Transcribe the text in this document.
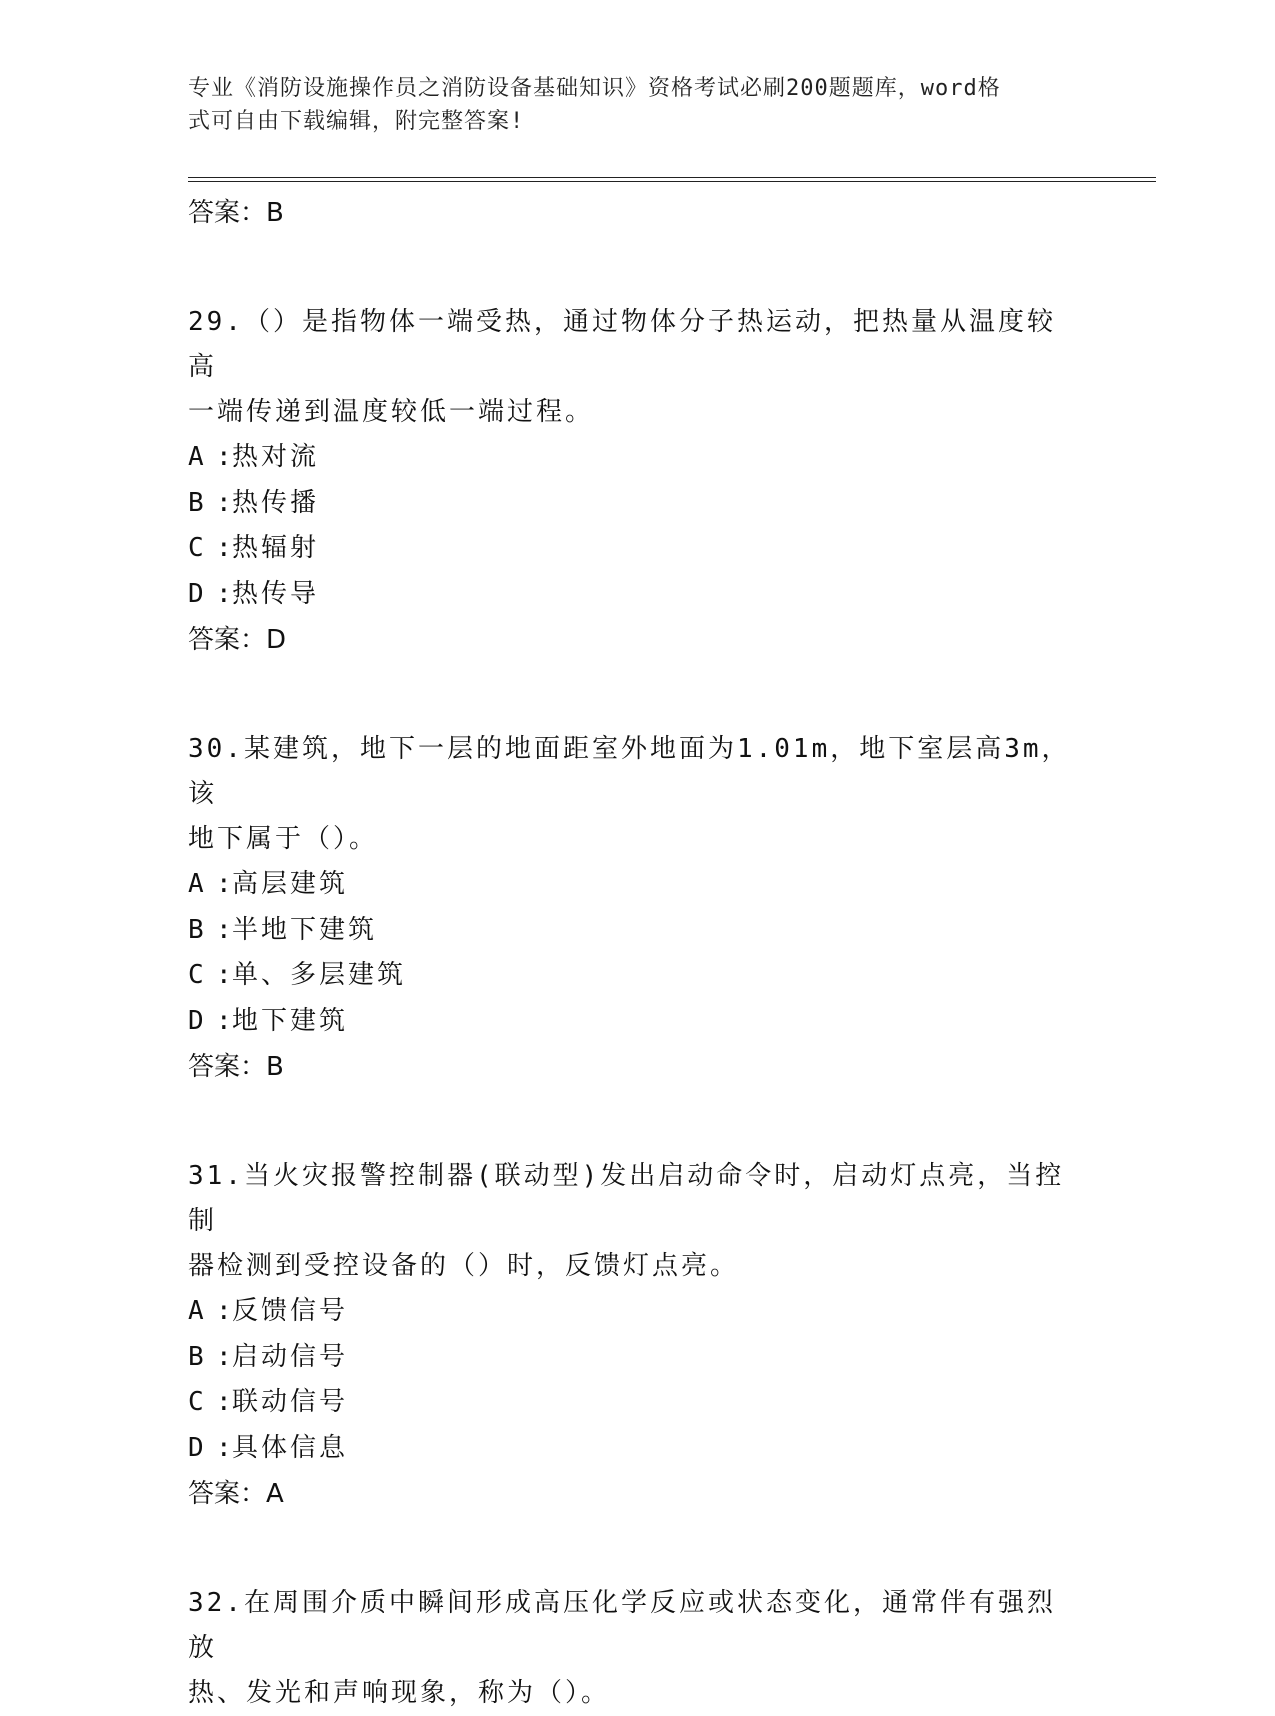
专业《消防设施操作员之消防设备基础知识》资格考试必刷200题题库，word格
式可自由下载编辑，附完整答案!
答案：B
29.（）是指物体一端受热，通过物体分子热运动，把热量从温度较高
一端传递到温度较低一端过程。
A :热对流
B :热传播
C :热辐射
D :热传导
答案：D
30.某建筑，地下一层的地面距室外地面为1.01m，地下室层高3m，该
地下属于（）。
A :高层建筑
B :半地下建筑
C :单、多层建筑
D :地下建筑
答案：B
31.当火灾报警控制器(联动型)发出启动命令时，启动灯点亮，当控制
器检测到受控设备的（）时，反馈灯点亮。
A :反馈信号
B :启动信号
C :联动信号
D :具体信息
答案：A
32.在周围介质中瞬间形成高压化学反应或状态变化，通常伴有强烈放
热、发光和声响现象，称为（）。
